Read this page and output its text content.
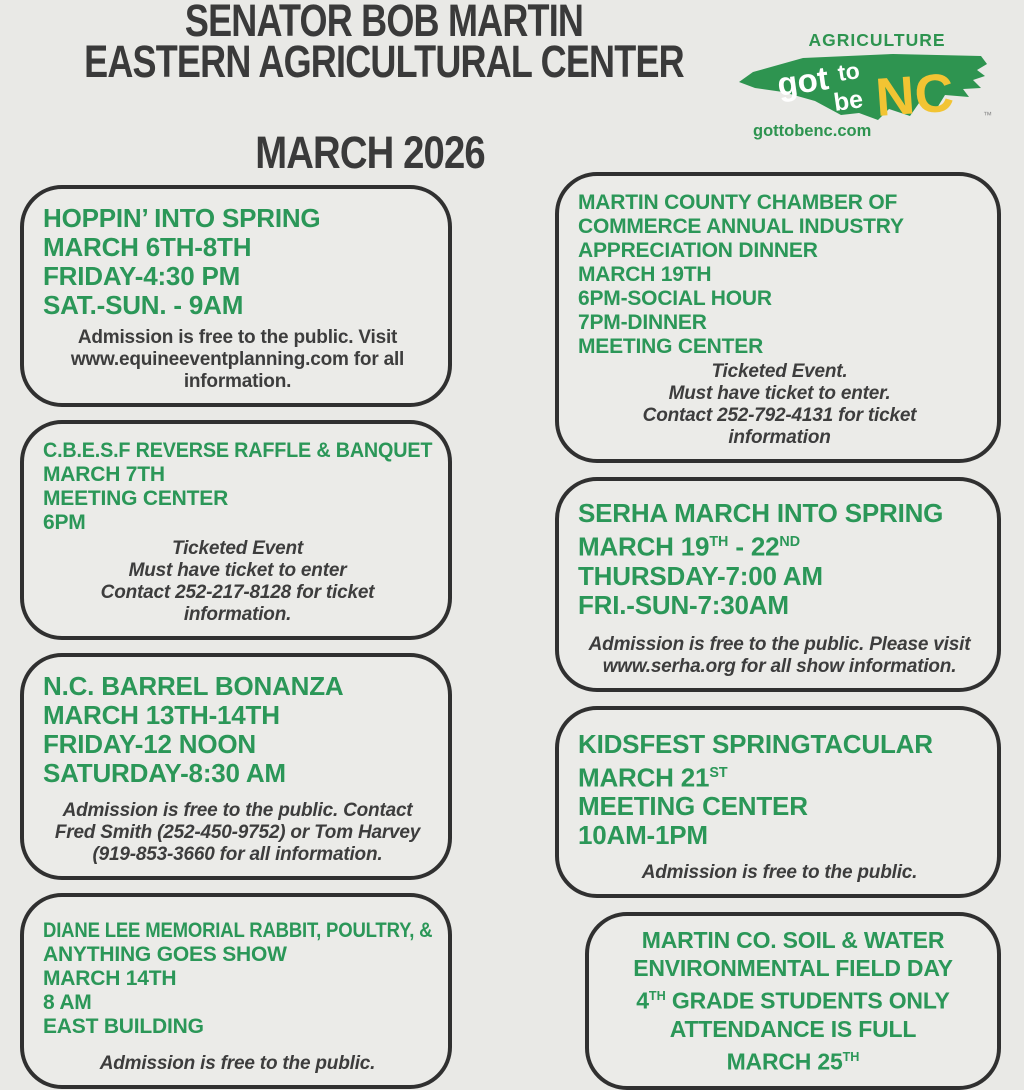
SENATOR BOB MARTIN
EASTERN AGRICULTURAL CENTER
MARCH 2026
AGRICULTURE
got to
be NC	™
gottobenc.com
HOPPIN’ INTO SPRING
MARCH 6TH-8TH
FRIDAY-4:30 PM
SAT.-SUN. - 9AM
Admission is free to the public. Visit
www.equineeventplanning.com for all
information.
C.B.E.S.F REVERSE RAFFLE & BANQUET
MARCH 7TH
MEETING CENTER
6PM
Ticketed Event
Must have ticket to enter
Contact 252-217-8128 for ticket
information.
N.C. BARREL BONANZA
MARCH 13TH-14TH
FRIDAY-12 NOON
SATURDAY-8:30 AM
Admission is free to the public. Contact
Fred Smith (252-450-9752) or Tom Harvey
(919-853-3660 for all information.
DIANE LEE MEMORIAL RABBIT, POULTRY, &
ANYTHING GOES SHOW
MARCH 14TH
8 AM
EAST BUILDING
Admission is free to the public.
MARTIN COUNTY CHAMBER OF
COMMERCE ANNUAL INDUSTRY
APPRECIATION DINNER
MARCH 19TH
6PM-SOCIAL HOUR
7PM-DINNER
MEETING CENTER
Ticketed Event.
Must have ticket to enter.
Contact 252-792-4131 for ticket
information
SERHA MARCH INTO SPRING
MARCH 19TH - 22ND
THURSDAY-7:00 AM
FRI.-SUN-7:30AM
Admission is free to the public. Please visit
www.serha.org for all show information.
KIDSFEST SPRINGTACULAR
MARCH 21ST
MEETING CENTER
10AM-1PM
Admission is free to the public.
MARTIN CO. SOIL & WATER
ENVIRONMENTAL FIELD DAY
4TH GRADE STUDENTS ONLY
ATTENDANCE IS FULL
MARCH 25TH
